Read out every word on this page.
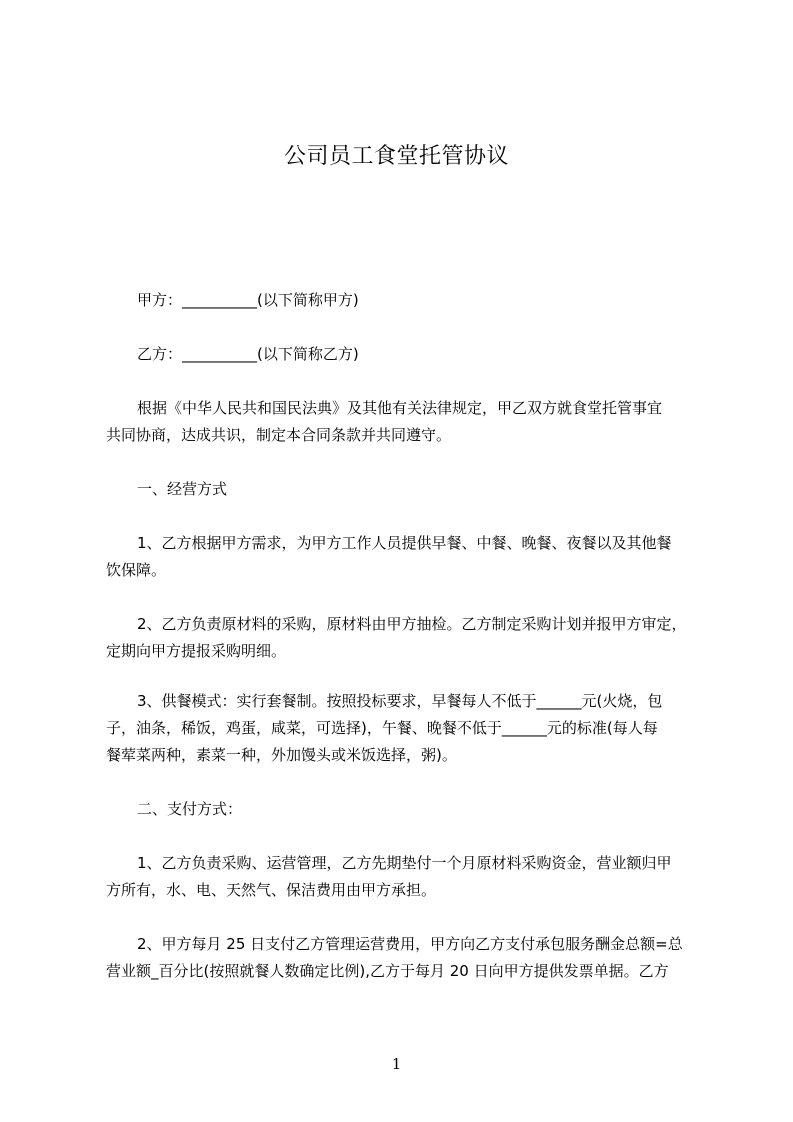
公司员工食堂托管协议
甲方：__________(以下简称甲方)
乙方：__________(以下简称乙方)
根据《中华人民共和国民法典》及其他有关法律规定，甲乙双方就食堂托管事宜
共同协商，达成共识，制定本合同条款并共同遵守。
一、经营方式
1、乙方根据甲方需求，为甲方工作人员提供早餐、中餐、晚餐、夜餐以及其他餐
饮保障。
2、乙方负责原材料的采购，原材料由甲方抽检。乙方制定采购计划并报甲方审定，
定期向甲方提报采购明细。
3、供餐模式：实行套餐制。按照投标要求，早餐每人不低于______元(火烧，包
子，油条，稀饭，鸡蛋，咸菜，可选择)，午餐、晚餐不低于______元的标准(每人每
餐荤菜两种，素菜一种，外加馒头或米饭选择，粥)。
二、支付方式：
1、乙方负责采购、运营管理，乙方先期垫付一个月原材料采购资金，营业额归甲
方所有，水、电、天然气、保洁费用由甲方承担。
2、甲方每月 25 日支付乙方管理运营费用，甲方向乙方支付承包服务酬金总额=总
营业额_百分比(按照就餐人数确定比例),乙方于每月 20 日向甲方提供发票单据。乙方
1
